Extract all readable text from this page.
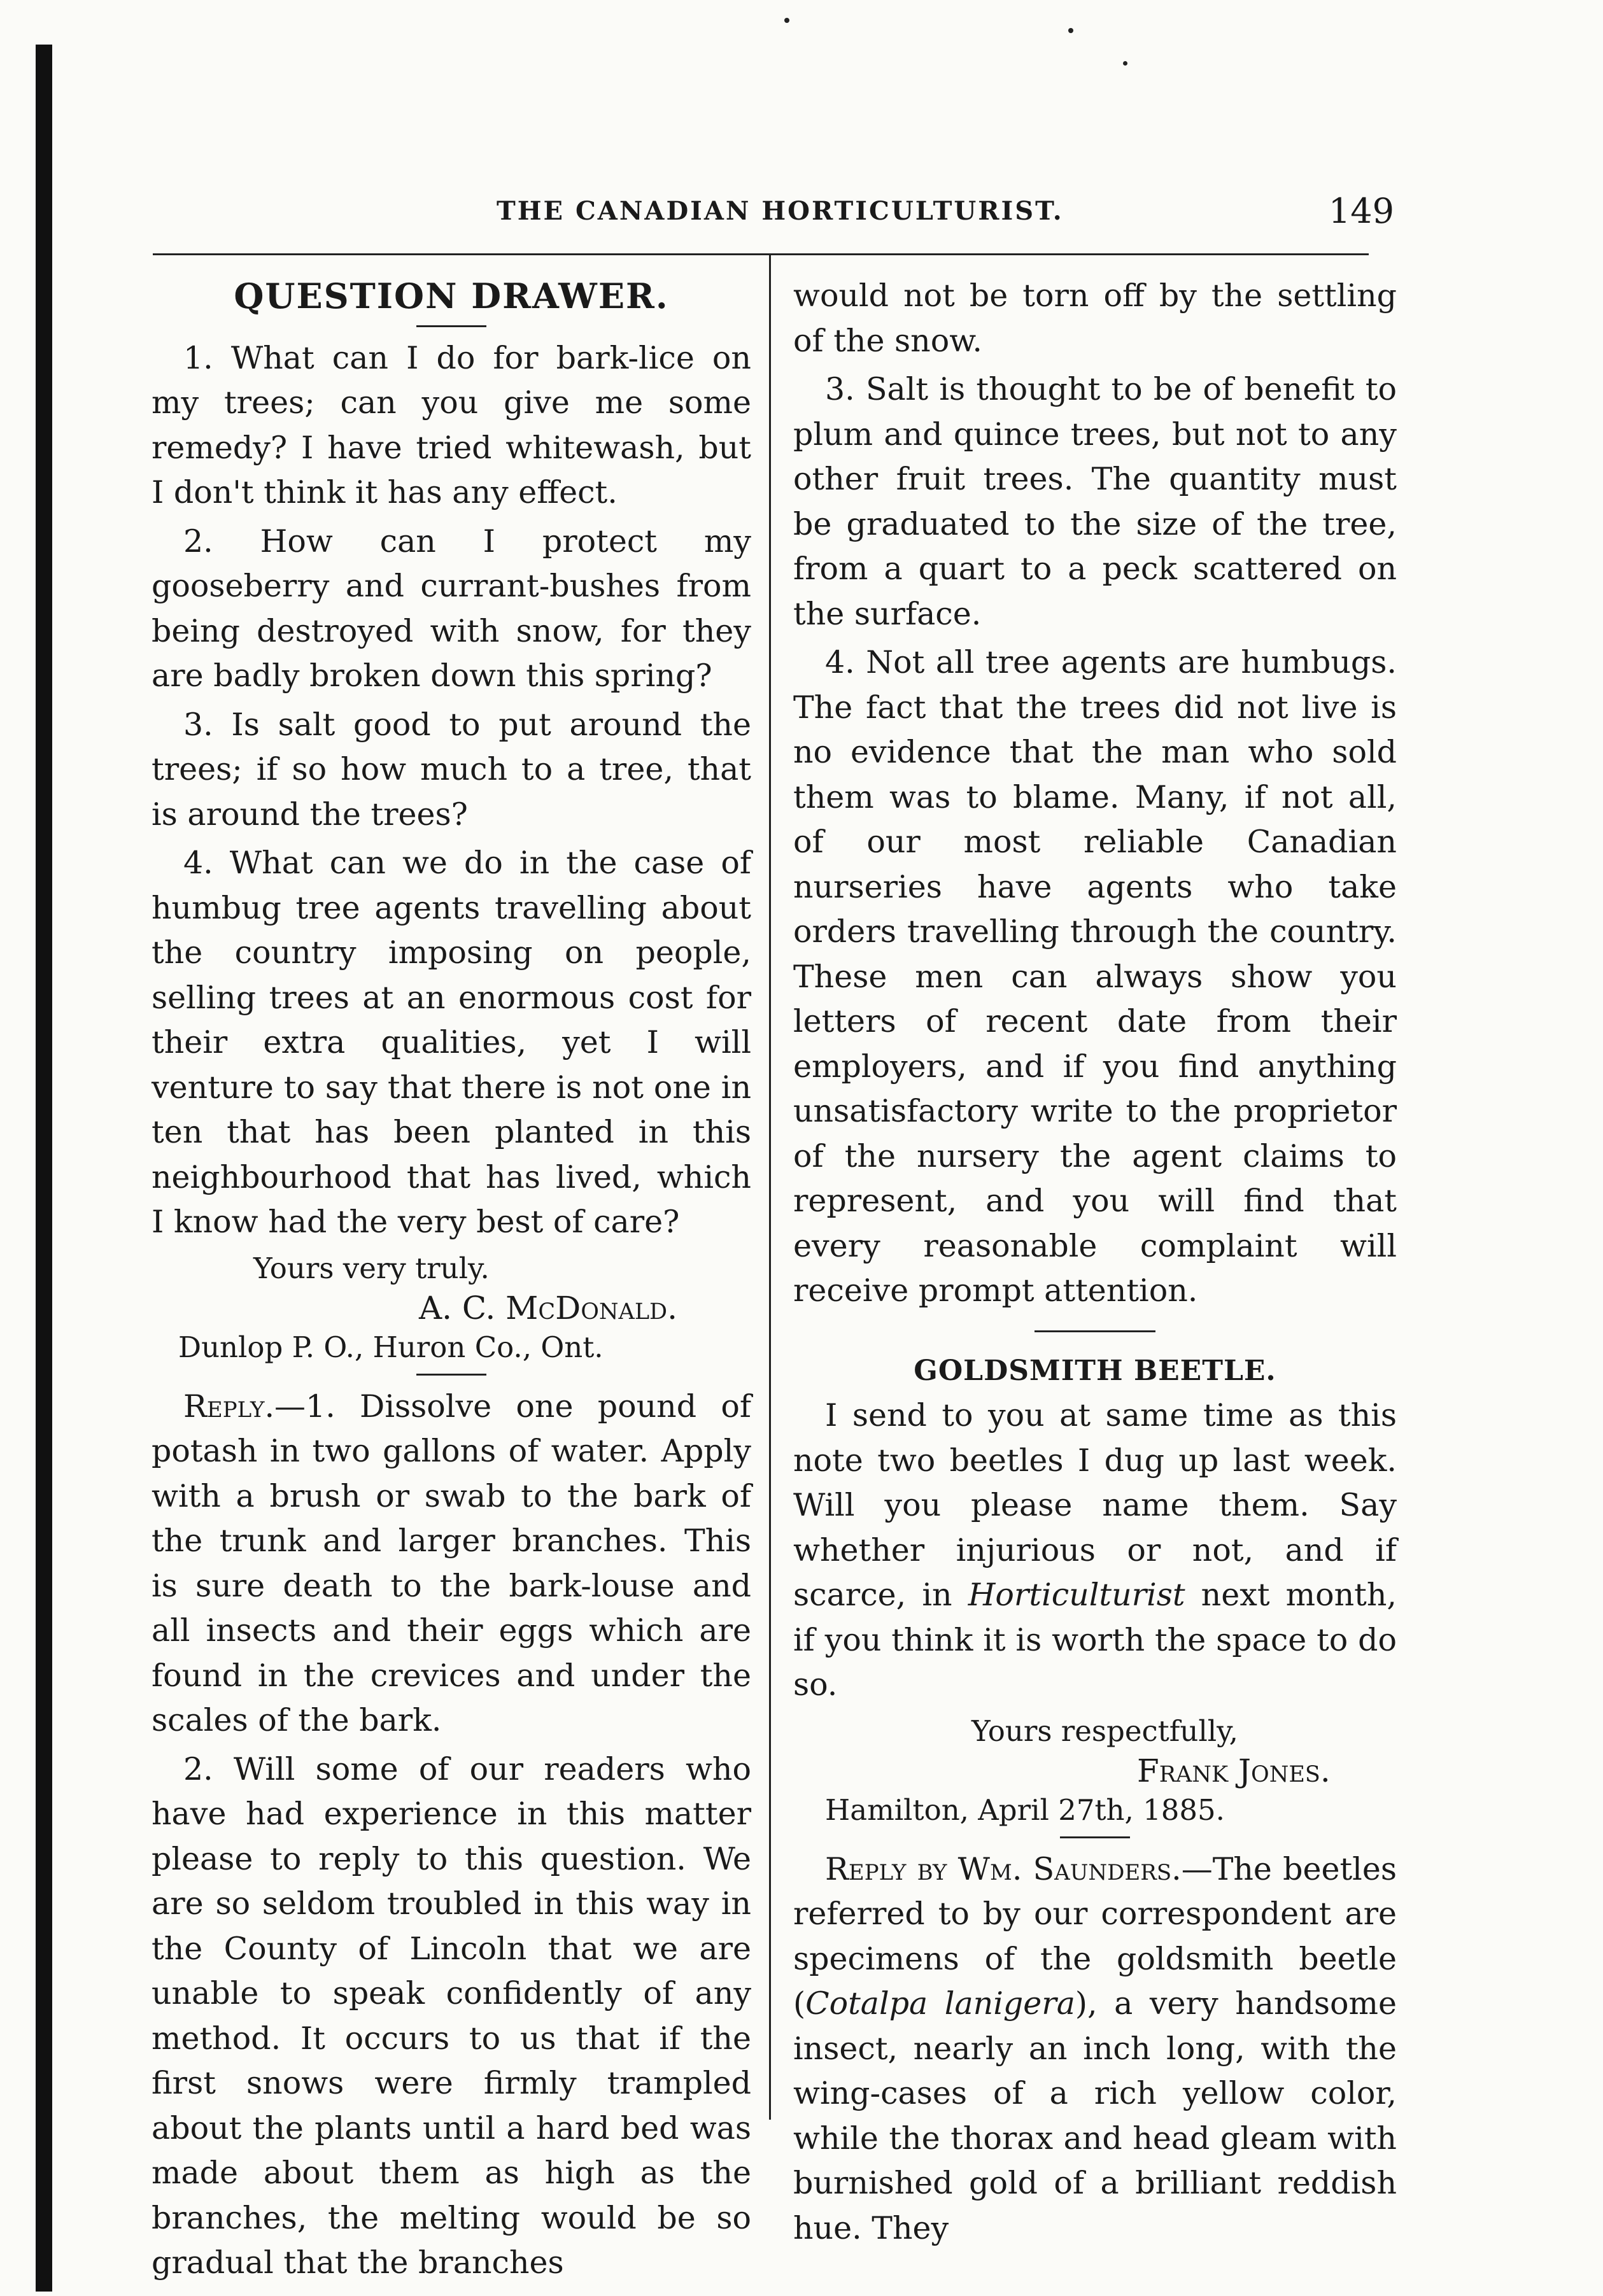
THE CANADIAN HORTICULTURIST.	149
QUESTION DRAWER.

1. What can I do for bark-lice on my trees; can you give me some remedy? I have tried whitewash, but I don't think it has any effect.

2. How can I protect my gooseberry and currant-bushes from being destroyed with snow, for they are badly broken down this spring?

3. Is salt good to put around the trees; if so how much to a tree, that is around the trees?

4. What can we do in the case of humbug tree agents travelling about the country imposing on people, selling trees at an enormous cost for their extra qualities, yet I will venture to say that there is not one in ten that has been planted in this neighbourhood that has lived, which I know had the very best of care?

Yours very truly.

A. C. McDonald.

Dunlop P. O., Huron Co., Ont.

Reply.—1. Dissolve one pound of potash in two gallons of water. Apply with a brush or swab to the bark of the trunk and larger branches. This is sure death to the bark-louse and all insects and their eggs which are found in the crevices and under the scales of the bark.

2. Will some of our readers who have had experience in this matter please to reply to this question. We are so seldom troubled in this way in the County of Lincoln that we are unable to speak confidently of any method. It occurs to us that if the first snows were firmly trampled about the plants until a hard bed was made about them as high as the branches, the melting would be so gradual that the branches

would not be torn off by the settling of the snow.

3. Salt is thought to be of benefit to plum and quince trees, but not to any other fruit trees. The quantity must be graduated to the size of the tree, from a quart to a peck scattered on the surface.

4. Not all tree agents are humbugs. The fact that the trees did not live is no evidence that the man who sold them was to blame. Many, if not all, of our most reliable Canadian nurseries have agents who take orders travelling through the country. These men can always show you letters of recent date from their employers, and if you find anything unsatisfactory write to the proprietor of the nursery the agent claims to represent, and you will find that every reasonable complaint will receive prompt attention.

GOLDSMITH BEETLE.

I send to you at same time as this note two beetles I dug up last week. Will you please name them. Say whether injurious or not, and if scarce, in Horticulturist next month, if you think it is worth the space to do so.

Yours respectfully,

Frank Jones.

Hamilton, April 27th, 1885.

Reply by Wm. Saunders.—The beetles referred to by our correspondent are specimens of the goldsmith beetle (Cotalpa lanigera), a very handsome insect, nearly an inch long, with the wing-cases of a rich yellow color, while the thorax and head gleam with burnished gold of a brilliant reddish hue. They
